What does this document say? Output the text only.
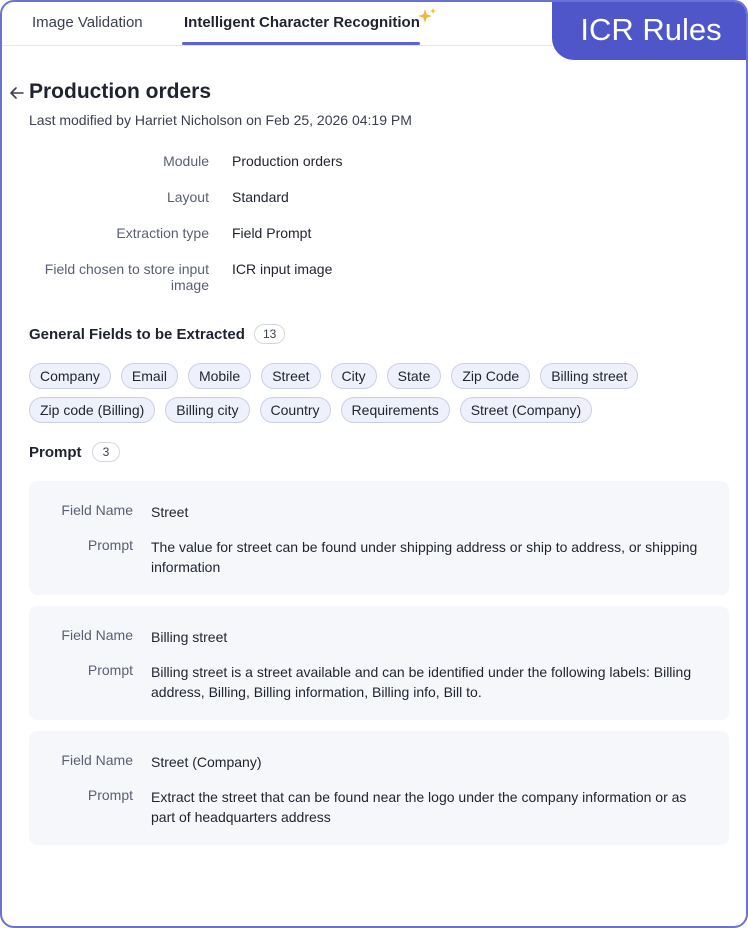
Image Validation	Intelligent Character Recognition	ICR Rules
Production orders
Last modified by Harriet Nicholson on Feb 25, 2026 04:19 PM
Module Production orders
Layout Standard
Extraction type Field Prompt
Field chosen to store input
image
ICR input image
General Fields to be Extracted	13
Company	Email	Mobile	Street	City	State	Zip Code	Billing street
Zip code (Billing)	Billing city	Country	Requirements	Street (Company)
Prompt	3
Field Name Street
Prompt The value for street can be found under shipping address or ship to address, or shipping information
Field Name Billing street
Prompt Billing street is a street available and can be identified under the following labels: Billing address, Billing, Billing information, Billing info, Bill to.
Field Name Street (Company)
Prompt Extract the street that can be found near the logo under the company information or as part of headquarters address
